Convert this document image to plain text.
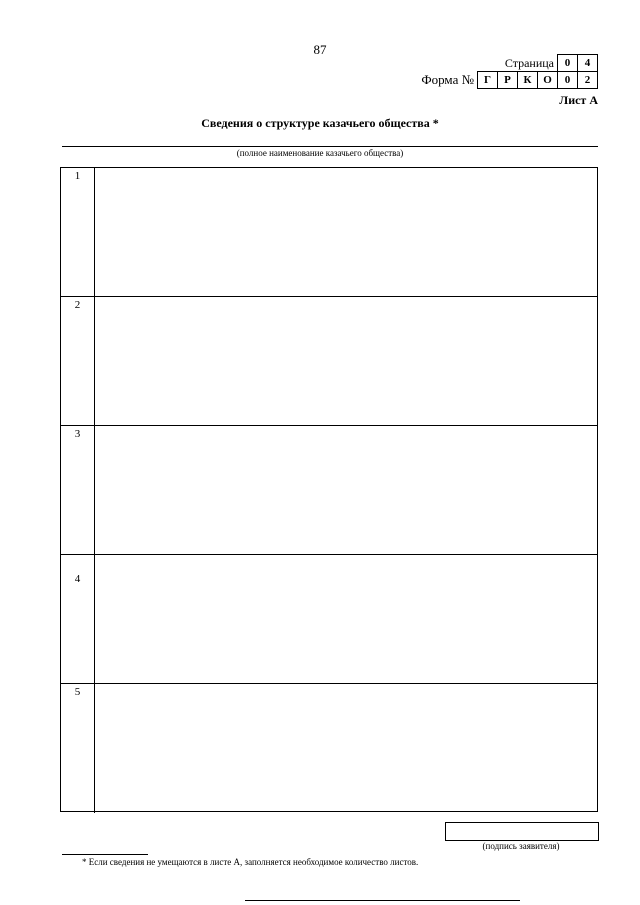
87
Страница 0	4
Форма № Г	Р	К	О	0	2
Лист А
Сведения о структуре казачьего общества *
(полное наименование казачьего общества)
1
2
3
4
5
(подпись заявителя)
* Если сведения не умещаются в листе А, заполняется необходимое количество листов.
